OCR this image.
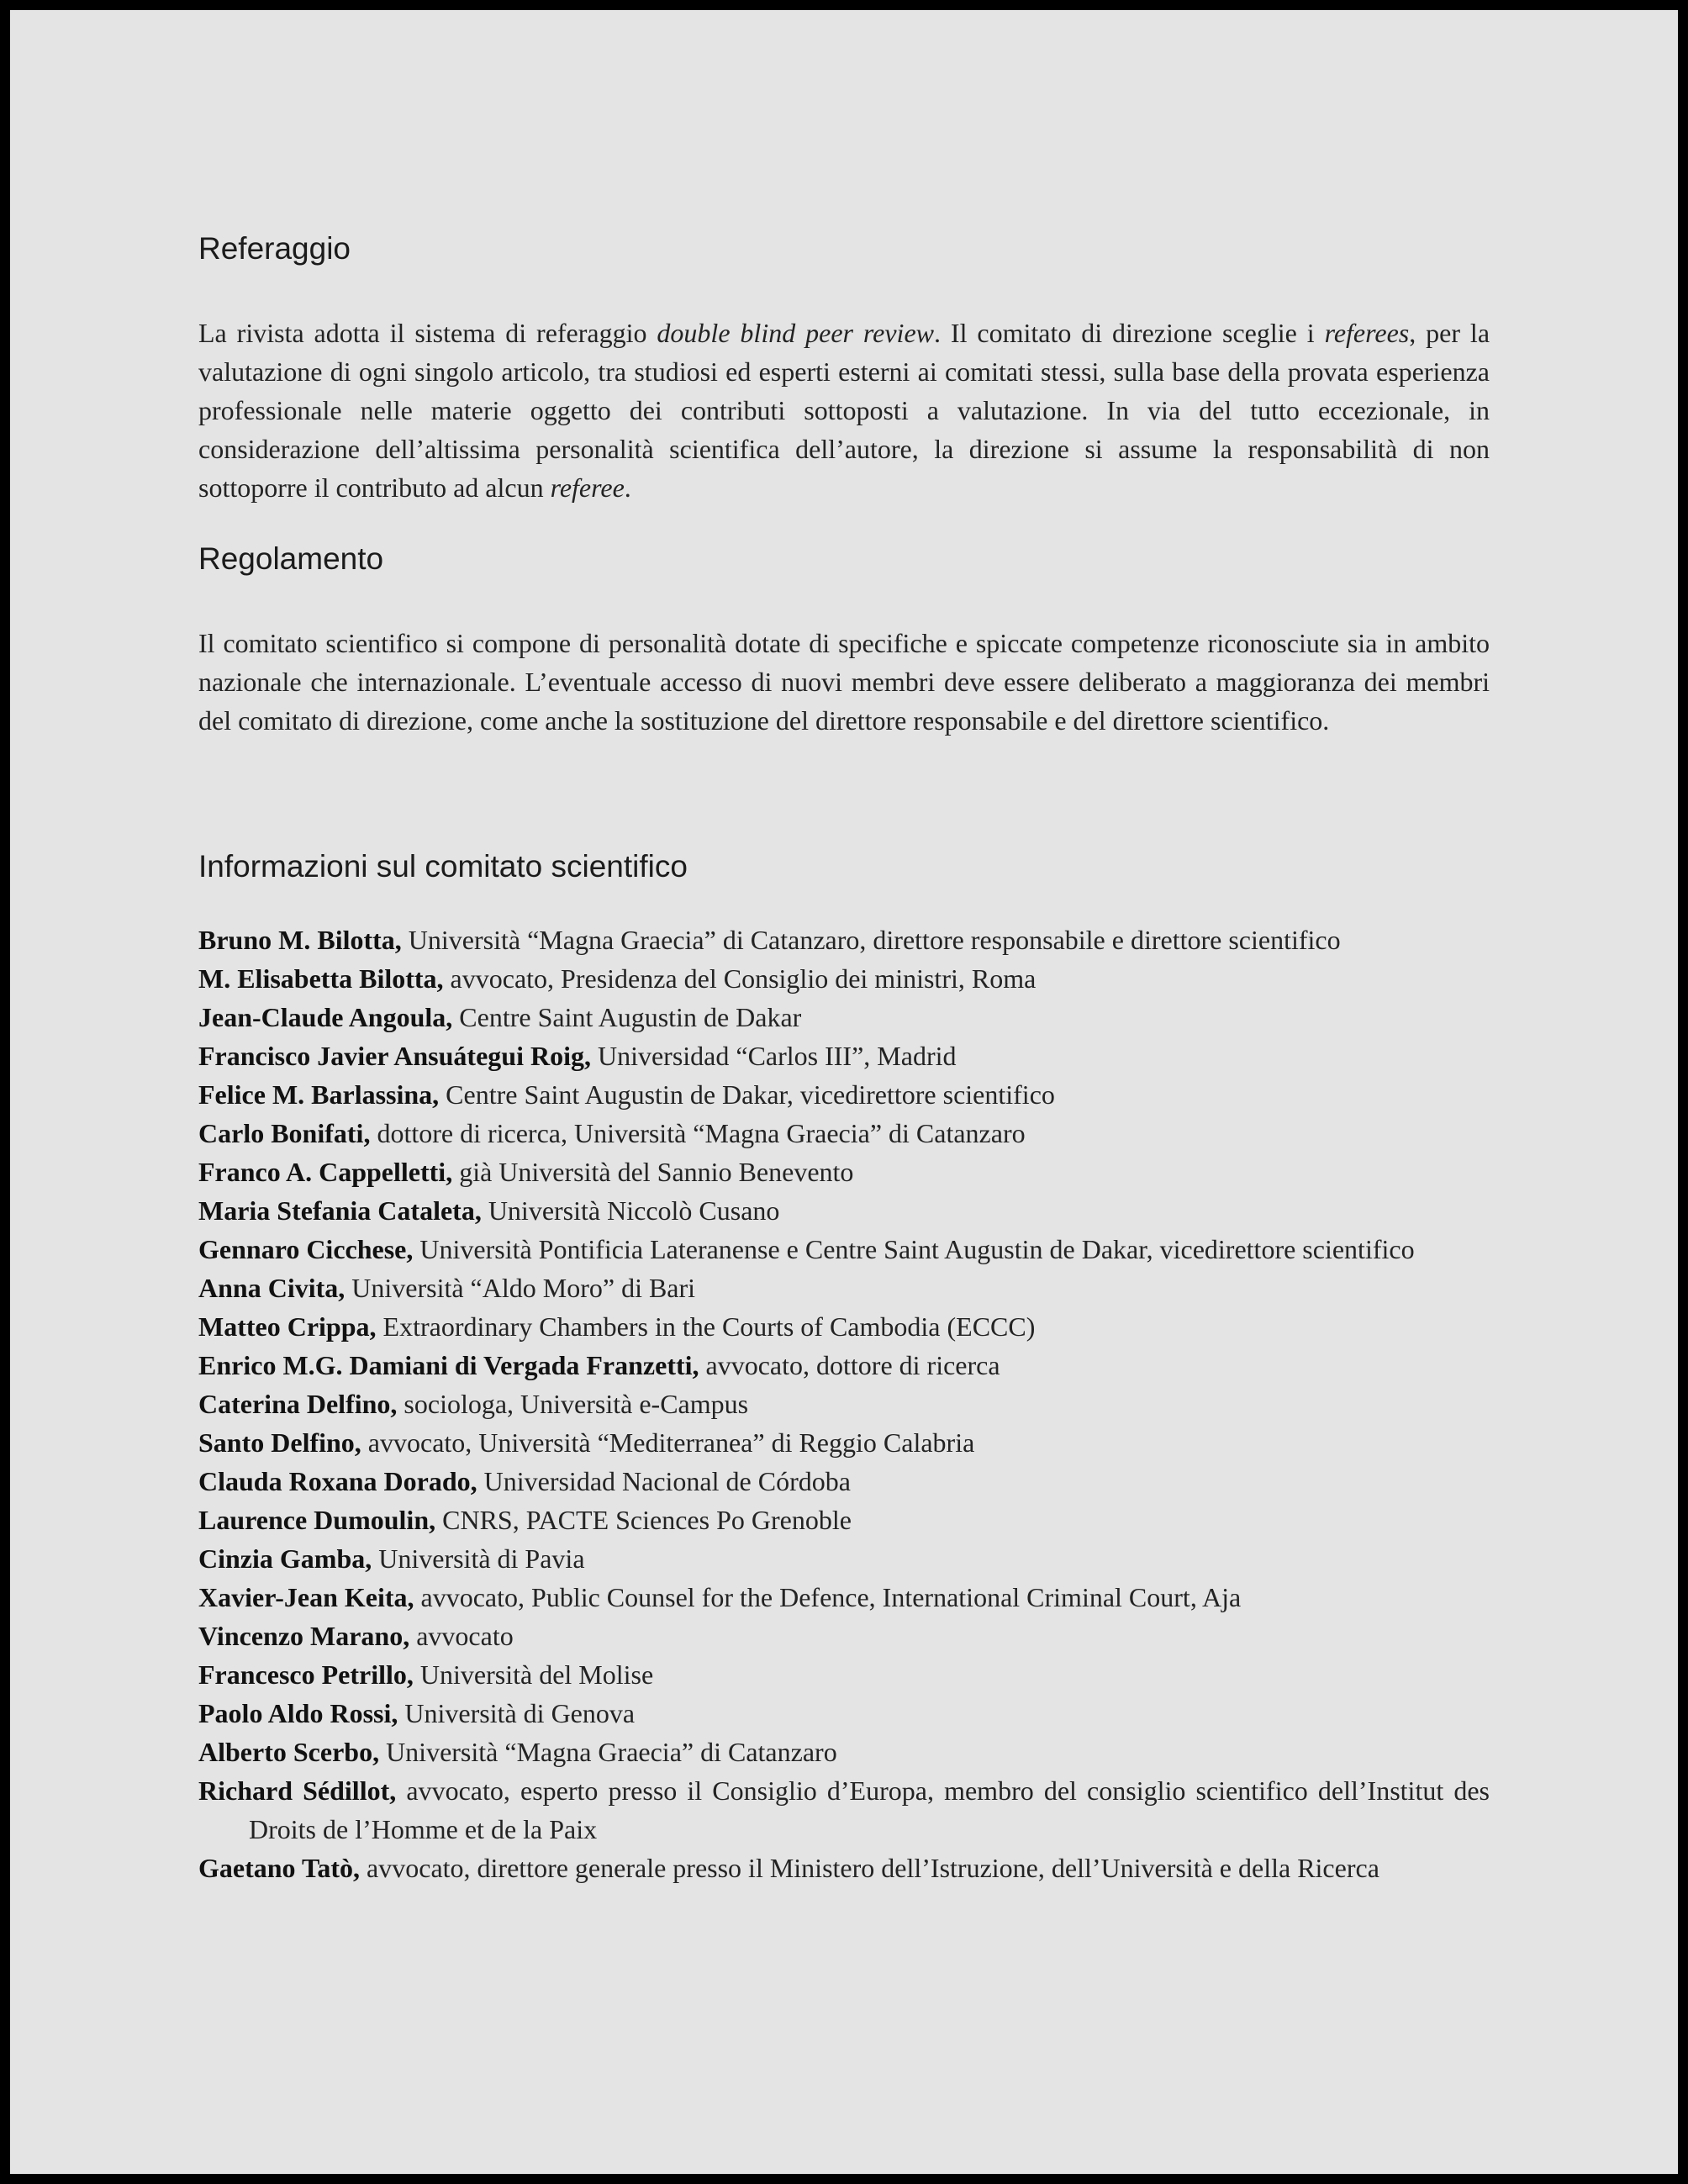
Referaggio

La rivista adotta il sistema di referaggio double blind peer review. Il comitato di direzione sceglie i referees, per la valutazione di ogni singolo articolo, tra studiosi ed esperti esterni ai comitati stessi, sulla base della provata esperienza professionale nelle materie oggetto dei contributi sottoposti a valutazione. In via del tutto eccezionale, in considerazione dell’altissima personalità scientifica dell’autore, la direzione si assume la responsabilità di non sottoporre il contributo ad alcun referee.

Regolamento

Il comitato scientifico si compone di personalità dotate di specifiche e spiccate competenze riconosciute sia in ambito nazionale che internazionale. L’eventuale accesso di nuovi membri deve essere deliberato a maggioranza dei membri del comitato di direzione, come anche la sostituzione del direttore responsabile e del direttore scientifico.

Informazioni sul comitato scientifico
Bruno M. Bilotta, Università “Magna Graecia” di Catanzaro, direttore responsabile e direttore scientifico
M. Elisabetta Bilotta, avvocato, Presidenza del Consiglio dei ministri, Roma
Jean-Claude Angoula, Centre Saint Augustin de Dakar
Francisco Javier Ansuátegui Roig, Universidad “Carlos III”, Madrid
Felice M. Barlassina, Centre Saint Augustin de Dakar, vicedirettore scientifico
Carlo Bonifati, dottore di ricerca, Università “Magna Graecia” di Catanzaro
Franco A. Cappelletti, già Università del Sannio Benevento
Maria Stefania Cataleta, Università Niccolò Cusano
Gennaro Cicchese, Università Pontificia Lateranense e Centre Saint Augustin de Dakar, vicedirettore scientifico
Anna Civita, Università “Aldo Moro” di Bari
Matteo Crippa, Extraordinary Chambers in the Courts of Cambodia (ECCC)
Enrico M.G. Damiani di Vergada Franzetti, avvocato, dottore di ricerca
Caterina Delfino, sociologa, Università e-Campus
Santo Delfino, avvocato, Università “Mediterranea” di Reggio Calabria
Clauda Roxana Dorado, Universidad Nacional de Córdoba
Laurence Dumoulin, CNRS, PACTE Sciences Po Grenoble
Cinzia Gamba, Università di Pavia
Xavier-Jean Keita, avvocato, Public Counsel for the Defence, International Criminal Court, Aja
Vincenzo Marano, avvocato
Francesco Petrillo, Università del Molise
Paolo Aldo Rossi, Università di Genova
Alberto Scerbo, Università “Magna Graecia” di Catanzaro
Richard Sédillot, avvocato, esperto presso il Consiglio d’Europa, membro del consiglio scientifico dell’Institut des Droits de l’Homme et de la Paix
Gaetano Tatò, avvocato, direttore generale presso il Ministero dell’Istruzione, dell’Università e della Ricerca
